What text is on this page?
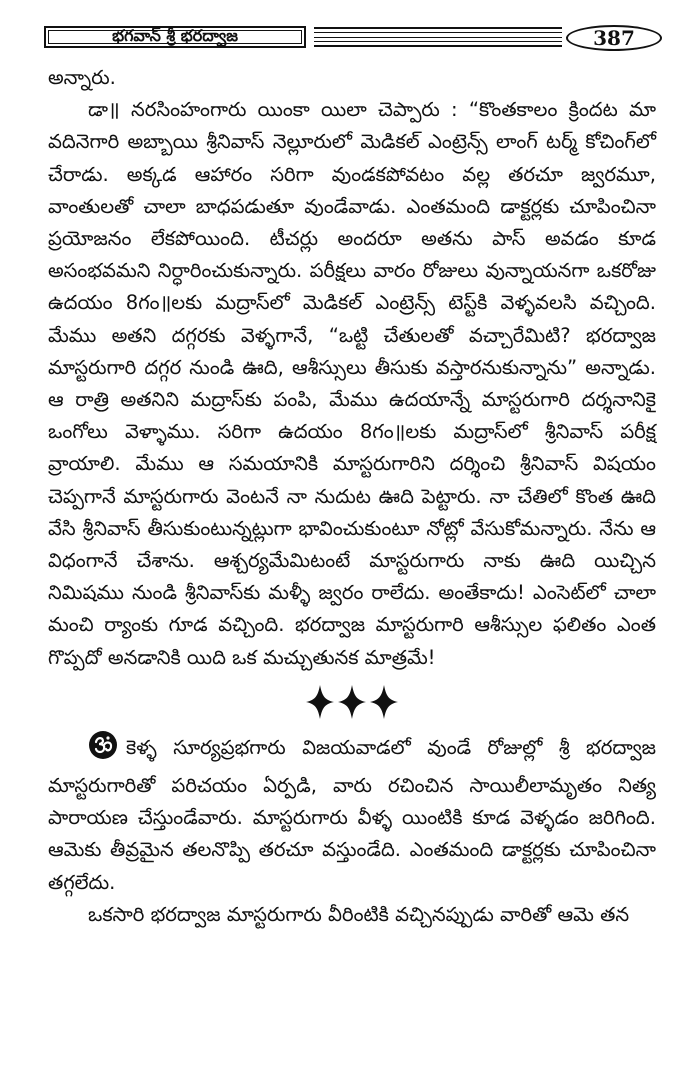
భగవాన్ శ్రీ భరద్వాజ	387

అన్నారు.

డా॥ నరసింహంగారు యింకా యిలా చెప్పారు : “కొంతకాలం క్రిందట మా వదినెగారి అబ్బాయి శ్రీనివాస్ నెల్లూరులో మెడికల్ ఎంట్రెన్స్ లాంగ్ టర్మ్ కోచింగ్‌లో చేరాడు. అక్కడ ఆహారం సరిగా వుండకపోవటం వల్ల తరచూ జ్వరమూ, వాంతులతో చాలా బాధపడుతూ వుండేవాడు. ఎంతమంది డాక్టర్లకు చూపించినా ప్రయోజనం లేకపోయింది. టీచర్లు అందరూ అతను పాస్ అవడం కూడ అసంభవమని నిర్ధారించుకున్నారు. పరీక్షలు వారం రోజులు వున్నాయనగా ఒకరోజు ఉదయం 8గం॥లకు మద్రాస్‌లో మెడికల్ ఎంట్రెన్స్ టెస్ట్‌కి వెళ్ళవలసి వచ్చింది. మేము అతని దగ్గరకు వెళ్ళగానే, “ఒట్టి చేతులతో వచ్చారేమిటి? భరద్వాజ మాస్టరుగారి దగ్గర నుండి ఊది, ఆశీస్సులు తీసుకు వస్తారనుకున్నాను” అన్నాడు. ఆ రాత్రి అతనిని మద్రాస్‌కు పంపి, మేము ఉదయాన్నే మాస్టరుగారి దర్శనానికై ఒంగోలు వెళ్ళాము. సరిగా ఉదయం 8గం॥లకు మద్రాస్‌లో శ్రీనివాస్ పరీక్ష వ్రాయాలి. మేము ఆ సమయానికి మాస్టరుగారిని దర్శించి శ్రీనివాస్ విషయం చెప్పగానే మాస్టరుగారు వెంటనే నా నుదుట ఊది పెట్టారు. నా చేతిలో కొంత ఊది వేసి శ్రీనివాస్ తీసుకుంటున్నట్లుగా భావించుకుంటూ నోట్లో వేసుకోమన్నారు. నేను ఆ విధంగానే చేశాను. ఆశ్చర్యమేమిటంటే మాస్టరుగారు నాకు ఊది యిచ్చిన నిమిషము నుండి శ్రీనివాస్‌కు మళ్ళీ జ్వరం రాలేదు. అంతేకాదు! ఎంసెట్‌లో చాలా మంచి ర్యాంకు గూడ వచ్చింది. భరద్వాజ మాస్టరుగారి ఆశీస్సుల ఫలితం ఎంత గొప్పదో అనడానికి యిది ఒక మచ్చుతునక మాత్రమే!

కెళ్ళ సూర్యప్రభగారు విజయవాడలో వుండే రోజుల్లో శ్రీ భరద్వాజ మాస్టరుగారితో పరిచయం ఏర్పడి, వారు రచించిన సాయిలీలామృతం నిత్య పారాయణ చేస్తుండేవారు. మాస్టరుగారు వీళ్ళ యింటికి కూడ వెళ్ళడం జరిగింది. ఆమెకు తీవ్రమైన తలనొప్పి తరచూ వస్తుండేది. ఎంతమంది డాక్టర్లకు చూపించినా తగ్గలేదు.

ఒకసారి భరద్వాజ మాస్టరుగారు వీరింటికి వచ్చినప్పుడు వారితో ఆమె తన
